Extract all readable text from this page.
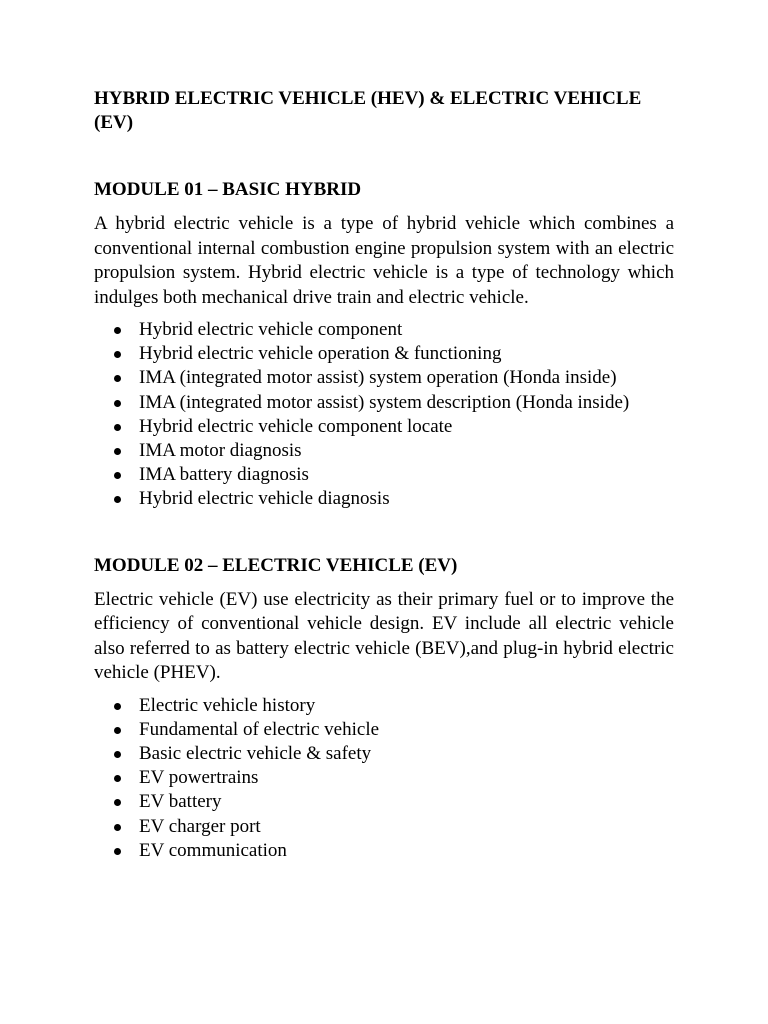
HYBRID ELECTRIC VEHICLE (HEV) & ELECTRIC VEHICLE (EV)
MODULE 01 – BASIC HYBRID

A hybrid electric vehicle is a type of hybrid vehicle which combines a conventional internal combustion engine propulsion system with an electric propulsion system. Hybrid electric vehicle is a type of technology which indulges both mechanical drive train and electric vehicle.

Hybrid electric vehicle component
Hybrid electric vehicle operation & functioning
IMA (integrated motor assist) system operation (Honda inside)
IMA (integrated motor assist) system description (Honda inside)
Hybrid electric vehicle component locate
IMA motor diagnosis
IMA battery diagnosis
Hybrid electric vehicle diagnosis
MODULE 02 – ELECTRIC VEHICLE (EV)

Electric vehicle (EV) use electricity as their primary fuel or to improve the efficiency of conventional vehicle design. EV include all electric vehicle also referred to as battery electric vehicle (BEV),and plug-in hybrid electric vehicle (PHEV).

Electric vehicle history
Fundamental of electric vehicle
Basic electric vehicle & safety
EV powertrains
EV battery
EV charger port
EV communication
